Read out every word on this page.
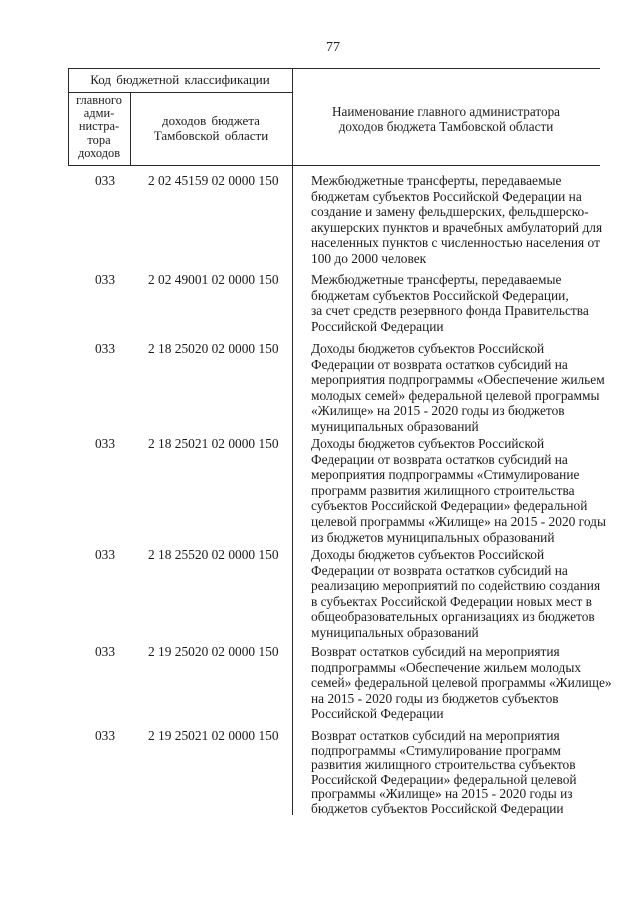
77
Код бюджетной классификации
главного
адми-
нистра-
тора
доходов
доходов бюджета
Тамбовской области
Наименование главного администратора
доходов бюджета Тамбовской области
033	2 02 45159 02 0000 150 Межбюджетные трансферты, передаваемые
бюджетам субъектов Российской Федерации на
создание и замену фельдшерских, фельдшерско-
акушерских пунктов и врачебных амбулаторий для
населенных пунктов с численностью населения от
100 до 2000 человек
033	2 02 49001 02 0000 150 Межбюджетные трансферты, передаваемые
бюджетам субъектов Российской Федерации,
за счет средств резервного фонда Правительства
Российской Федерации
033	2 18 25020 02 0000 150 Доходы бюджетов субъектов Российской
Федерации от возврата остатков субсидий на
мероприятия подпрограммы «Обеспечение жильем
молодых семей» федеральной целевой программы
«Жилище» на 2015 - 2020 годы из бюджетов
муниципальных образований
033	2 18 25021 02 0000 150 Доходы бюджетов субъектов Российской
Федерации от возврата остатков субсидий на
мероприятия подпрограммы «Стимулирование
программ развития жилищного строительства
субъектов Российской Федерации» федеральной
целевой программы «Жилище» на 2015 - 2020 годы
из бюджетов муниципальных образований
033	2 18 25520 02 0000 150 Доходы бюджетов субъектов Российской
Федерации от возврата остатков субсидий на
реализацию мероприятий по содействию создания
в субъектах Российской Федерации новых мест в
общеобразовательных организациях из бюджетов
муниципальных образований
033	2 19 25020 02 0000 150 Возврат остатков субсидий на мероприятия
подпрограммы «Обеспечение жильем молодых
семей» федеральной целевой программы «Жилище»
на 2015 - 2020 годы из бюджетов субъектов
Российской Федерации
033	2 19 25021 02 0000 150 Возврат остатков субсидий на мероприятия
подпрограммы «Стимулирование программ
развития жилищного строительства субъектов
Российской Федерации» федеральной целевой
программы «Жилище» на 2015 - 2020 годы из
бюджетов субъектов Российской Федерации
